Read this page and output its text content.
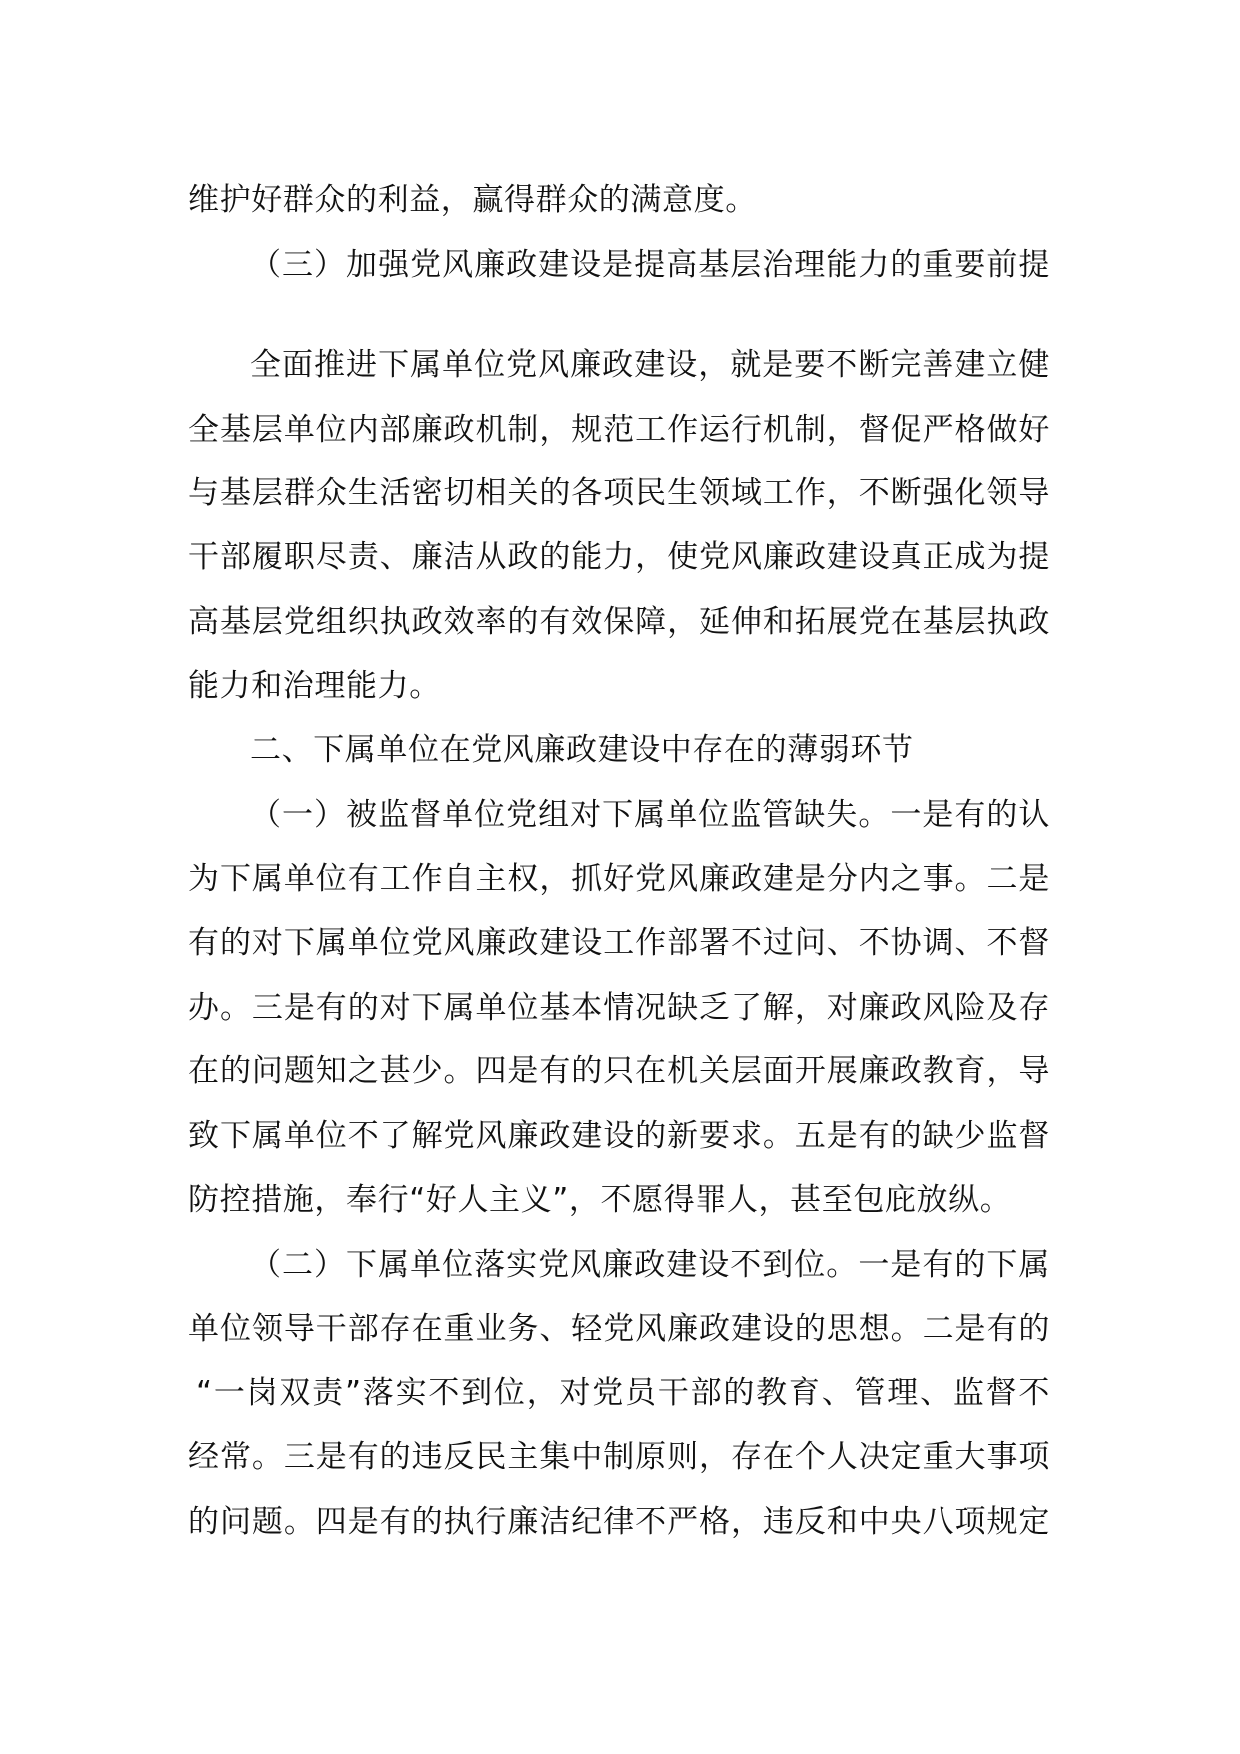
维护好群众的利益，赢得群众的满意度。
（三）加强党风廉政建设是提高基层治理能力的重要前提
全面推进下属单位党风廉政建设，就是要不断完善建立健
全基层单位内部廉政机制，规范工作运行机制，督促严格做好
与基层群众生活密切相关的各项民生领域工作，不断强化领导
干部履职尽责、廉洁从政的能力，使党风廉政建设真正成为提
高基层党组织执政效率的有效保障，延伸和拓展党在基层执政
能力和治理能力。
二、下属单位在党风廉政建设中存在的薄弱环节
（一）被监督单位党组对下属单位监管缺失。一是有的认
为下属单位有工作自主权，抓好党风廉政建是分内之事。二是
有的对下属单位党风廉政建设工作部署不过问、不协调、不督
办。三是有的对下属单位基本情况缺乏了解，对廉政风险及存
在的问题知之甚少。四是有的只在机关层面开展廉政教育，导
致下属单位不了解党风廉政建设的新要求。五是有的缺少监督
防控措施，奉行“好人主义”，不愿得罪人，甚至包庇放纵。
（二）下属单位落实党风廉政建设不到位。一是有的下属
单位领导干部存在重业务、轻党风廉政建设的思想。二是有的
“一岗双责”落实不到位，对党员干部的教育、管理、监督不
经常。三是有的违反民主集中制原则，存在个人决定重大事项
的问题。四是有的执行廉洁纪律不严格，违反和中央八项规定
